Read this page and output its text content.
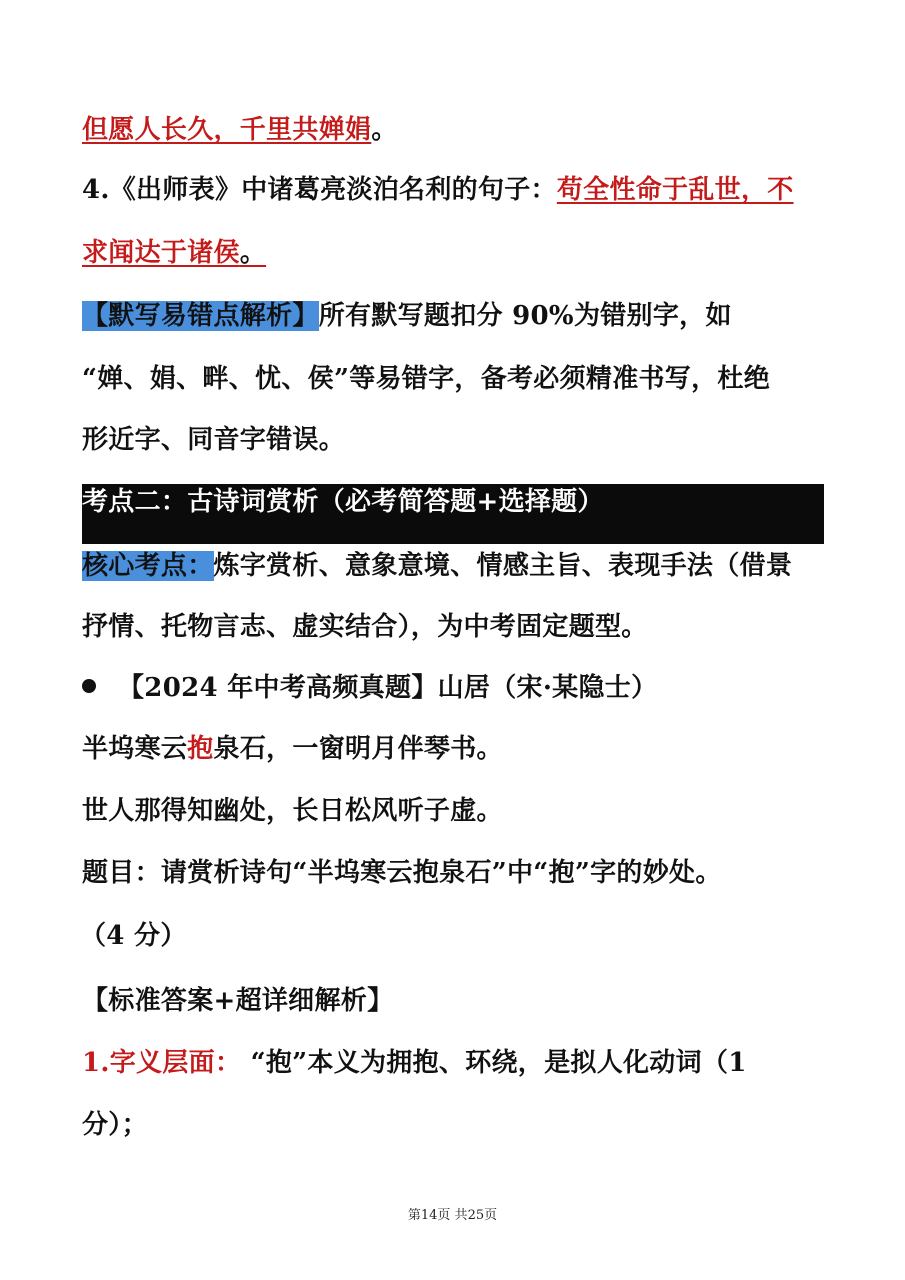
但愿人长久，千里共婵娟。

4.《出师表》中诸葛亮淡泊名利的句子：苟全性命于乱世，不

求闻达于诸侯。

【默写易错点解析】所有默写题扣分 90%为错别字，如

“婵、娟、畔、忧、侯”等易错字，备考必须精准书写，杜绝

形近字、同音字错误。

考点二：古诗词赏析（必考简答题+选择题）

核心考点：炼字赏析、意象意境、情感主旨、表现手法（借景

抒情、托物言志、虚实结合），为中考固定题型。

【2024 年中考高频真题】山居（宋·某隐士）

半坞寒云抱泉石，一窗明月伴琴书。

世人那得知幽处，长日松风听子虚。

题目：请赏析诗句“半坞寒云抱泉石”中“抱”字的妙处。

（4 分）

【标准答案+超详细解析】

1.字义层面： “抱”本义为拥抱、环绕，是拟人化动词（1

分）；

第14页 共25页
